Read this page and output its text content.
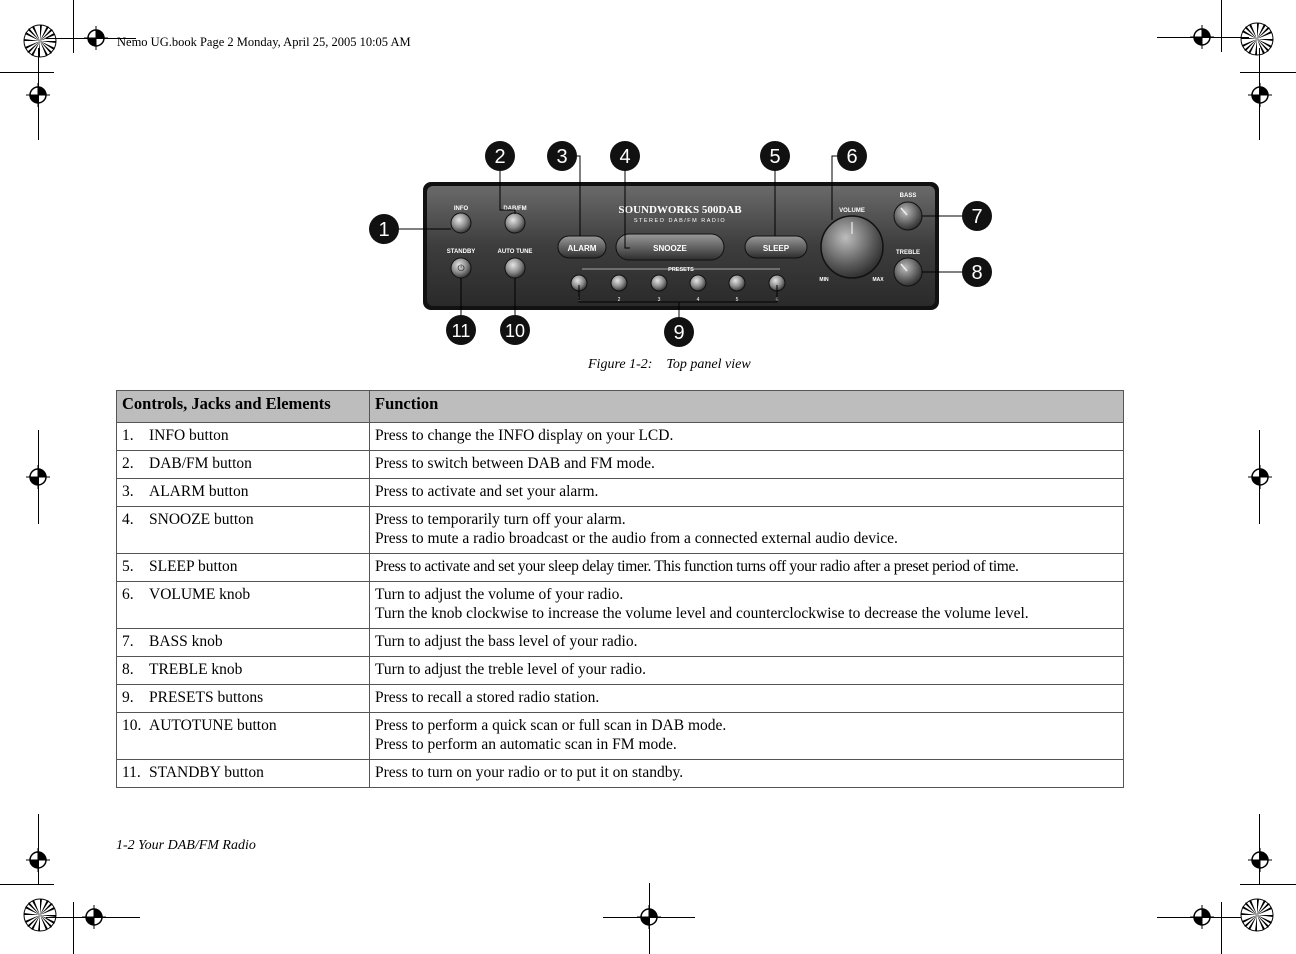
Nemo UG.book Page 2 Monday, April 25, 2005 10:05 AM
INFO	DAB/FM
⏻
STANDBY	AUTO TUNE
SOUNDWORKS 500DAB
STEREO DAB/FM RADIO
ALARM	SNOOZE	SLEEP
PRESETS
1	2	3	4	5	6
VOLUME
MIN	MAX
BASS
TREBLE
1
2	3	4	5	6
7
8
9
10
11
Figure 1-2: Top panel view
Controls, Jacks and Elements	Function
1. INFO button	Press to change the INFO display on your LCD.

2. DAB/FM button	Press to switch between DAB and FM mode.

3. ALARM button	Press to activate and set your alarm.

4. SNOOZE button	Press to temporarily turn off your alarm.
Press to mute a radio broadcast or the audio from a connected external audio device.

5. SLEEP button	Press to activate and set your sleep delay timer. This function turns off your radio after a preset period of time.

6. VOLUME knob	Turn to adjust the volume of your radio.
Turn the knob clockwise to increase the volume level and counterclockwise to decrease the volume level.

7. BASS knob	Turn to adjust the bass level of your radio.

8. TREBLE knob	Turn to adjust the treble level of your radio.

9. PRESETS buttons	Press to recall a stored radio station.

10. AUTOTUNE button	Press to perform a quick scan or full scan in DAB mode.
Press to perform an automatic scan in FM mode.

11. STANDBY button	Press to turn on your radio or to put it on standby.
1-2 Your DAB/FM Radio
